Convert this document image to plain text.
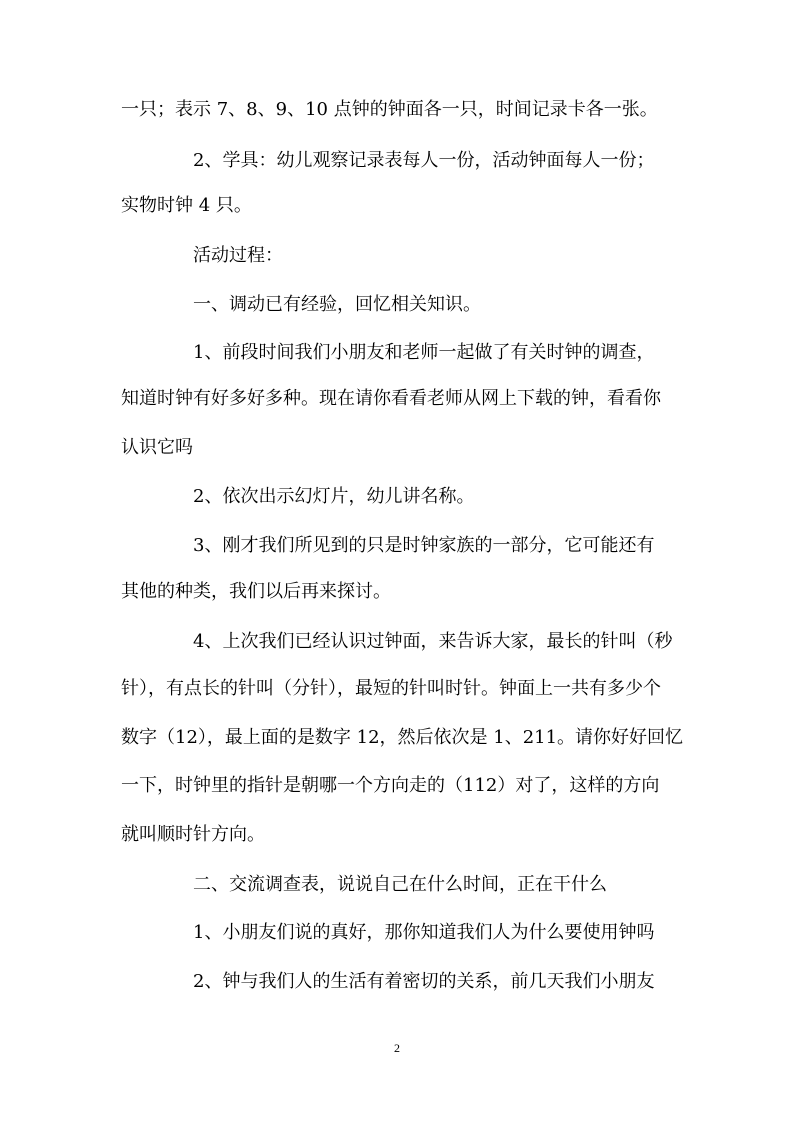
一只；表示 7、8、9、10 点钟的钟面各一只，时间记录卡各一张。
2、学具：幼儿观察记录表每人一份，活动钟面每人一份；
实物时钟 4 只。
活动过程：
一、调动已有经验，回忆相关知识。
1、前段时间我们小朋友和老师一起做了有关时钟的调查，
知道时钟有好多好多种。现在请你看看老师从网上下载的钟，看看你
认识它吗
2、依次出示幻灯片，幼儿讲名称。
3、刚才我们所见到的只是时钟家族的一部分，它可能还有
其他的种类，我们以后再来探讨。
4、上次我们已经认识过钟面，来告诉大家，最长的针叫（秒
针），有点长的针叫（分针），最短的针叫时针。钟面上一共有多少个
数字（12），最上面的是数字 12，然后依次是 1、211。请你好好回忆
一下，时钟里的指针是朝哪一个方向走的（112）对了，这样的方向
就叫顺时针方向。
二、交流调查表，说说自己在什么时间，正在干什么
1、小朋友们说的真好，那你知道我们人为什么要使用钟吗
2、钟与我们人的生活有着密切的关系，前几天我们小朋友
2
